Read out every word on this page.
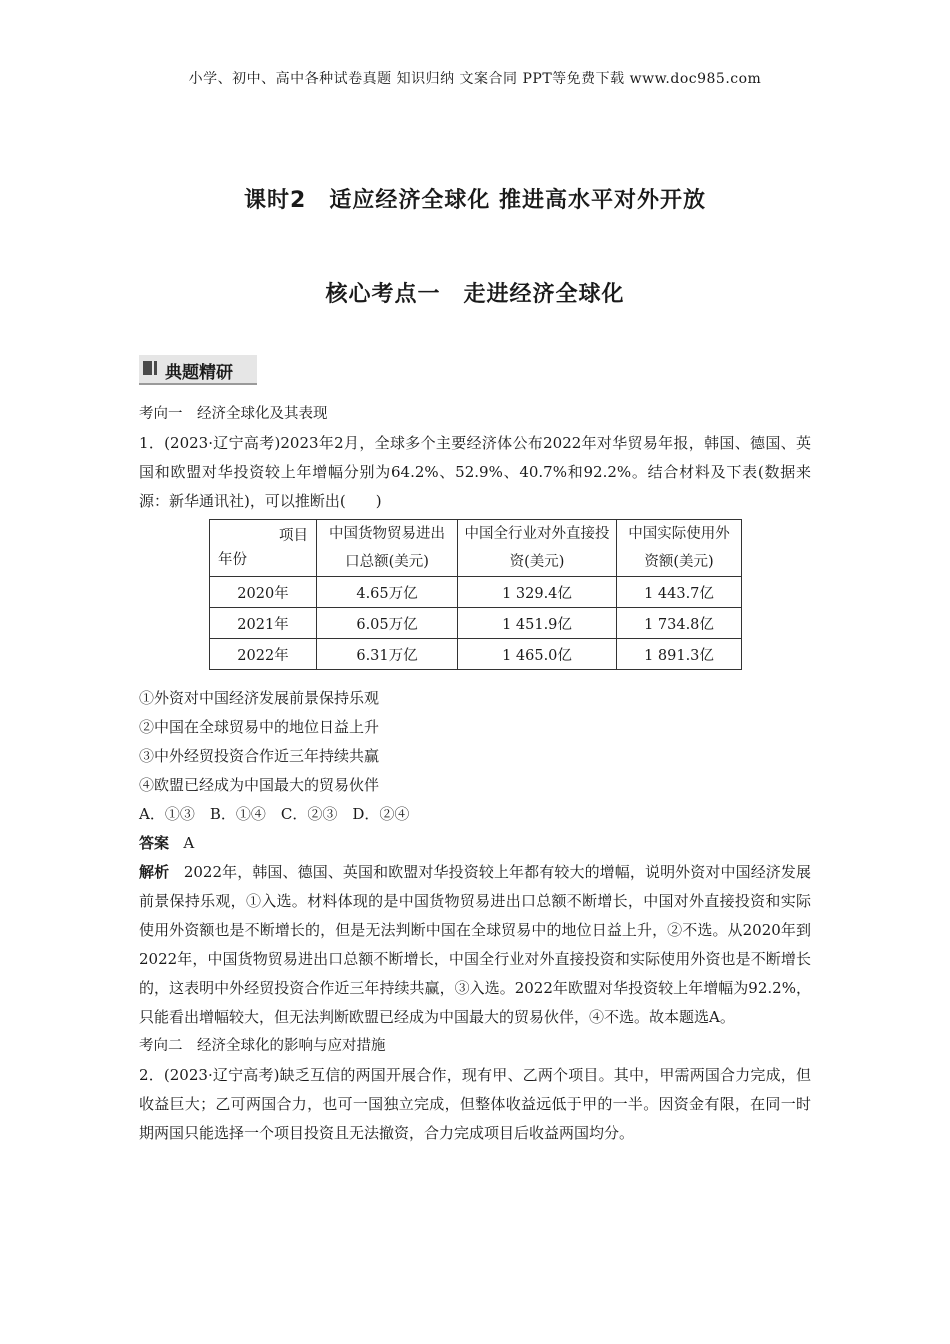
小学、初中、高中各种试卷真题 知识归纳 文案合同 PPT等免费下载 www.doc985.com
课时2　适应经济全球化 推进高水平对外开放
核心考点一　走进经济全球化
典题精研

考向一　经济全球化及其表现

1．(2023·辽宁高考)2023年2月，全球多个主要经济体公布2022年对华贸易年报，韩国、德国、英国和欧盟对华投资较上年增幅分别为64.2%、52.9%、40.7%和92.2%。结合材料及下表(数据来源：新华通讯社)，可以推断出(　　)

项目
年份	中国货物贸易进出口总额(美元)	中国全行业对外直接投资(美元)	中国实际使用外资额(美元)
2020年	4.65万亿	1 329.4亿	1 443.7亿
2021年	6.05万亿	1 451.9亿	1 734.8亿
2022年	6.31万亿	1 465.0亿	1 891.3亿

①外资对中国经济发展前景保持乐观

②中国在全球贸易中的地位日益上升

③中外经贸投资合作近三年持续共赢

④欧盟已经成为中国最大的贸易伙伴

A．①③　B．①④　C．②③　D．②④

答案 A

解析 2022年，韩国、德国、英国和欧盟对华投资较上年都有较大的增幅，说明外资对中国经济发展前景保持乐观，①入选。材料体现的是中国货物贸易进出口总额不断增长，中国对外直接投资和实际使用外资额也是不断增长的，但是无法判断中国在全球贸易中的地位日益上升，②不选。从2020年到2022年，中国货物贸易进出口总额不断增长，中国全行业对外直接投资和实际使用外资也是不断增长的，这表明中外经贸投资合作近三年持续共赢，③入选。2022年欧盟对华投资较上年增幅为92.2%，只能看出增幅较大，但无法判断欧盟已经成为中国最大的贸易伙伴，④不选。故本题选A。

考向二　经济全球化的影响与应对措施

2．(2023·辽宁高考)缺乏互信的两国开展合作，现有甲、乙两个项目。其中，甲需两国合力完成，但收益巨大；乙可两国合力，也可一国独立完成，但整体收益远低于甲的一半。因资金有限，在同一时期两国只能选择一个项目投资且无法撤资，合力完成项目后收益两国均分。
